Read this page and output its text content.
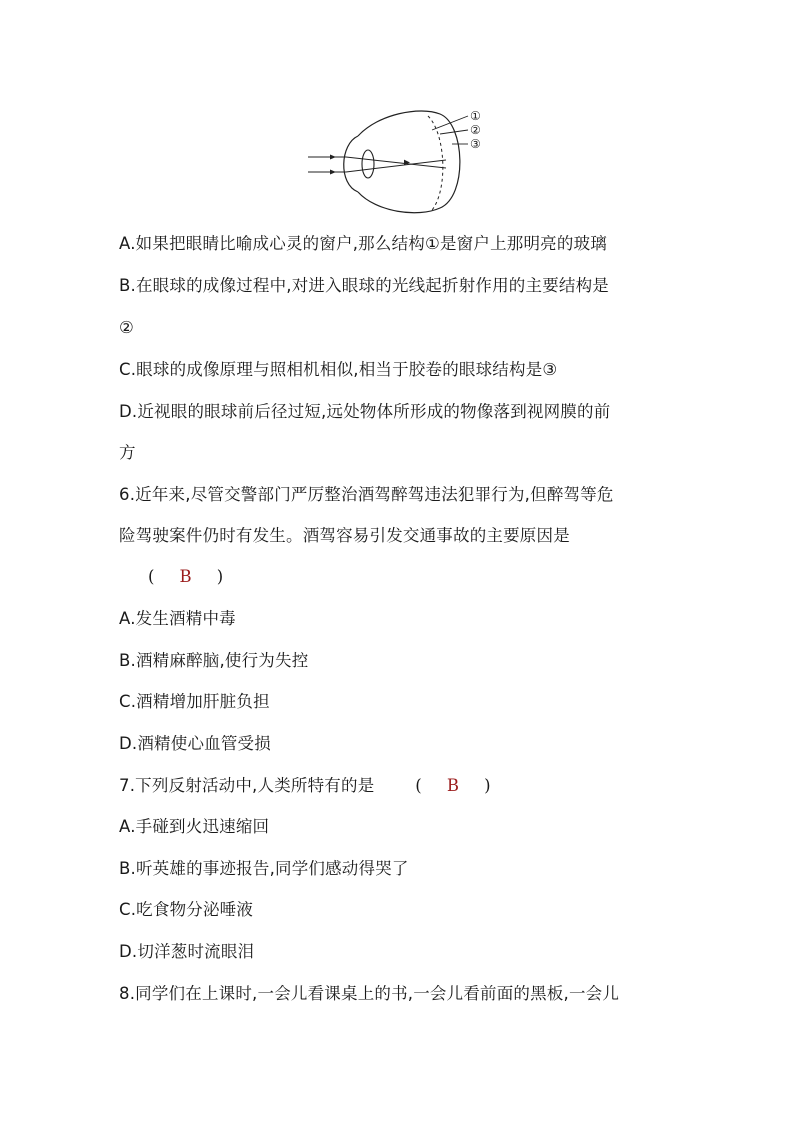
①
②
③
A.如果把眼睛比喻成心灵的窗户,那么结构①是窗户上那明亮的玻璃
B.在眼球的成像过程中,对进入眼球的光线起折射作用的主要结构是
②
C.眼球的成像原理与照相机相似,相当于胶卷的眼球结构是③
D.近视眼的眼球前后径过短,远处物体所形成的物像落到视网膜的前
方
6.近年来,尽管交警部门严厉整治酒驾醉驾违法犯罪行为,但醉驾等危
险驾驶案件仍时有发生。酒驾容易引发交通事故的主要原因是
( B )
A.发生酒精中毒
B.酒精麻醉脑,使行为失控
C.酒精增加肝脏负担
D.酒精使心血管受损
7.下列反射活动中,人类所特有的是 ( B )
A.手碰到火迅速缩回
B.听英雄的事迹报告,同学们感动得哭了
C.吃食物分泌唾液
D.切洋葱时流眼泪
8.同学们在上课时,一会儿看课桌上的书,一会儿看前面的黑板,一会儿
